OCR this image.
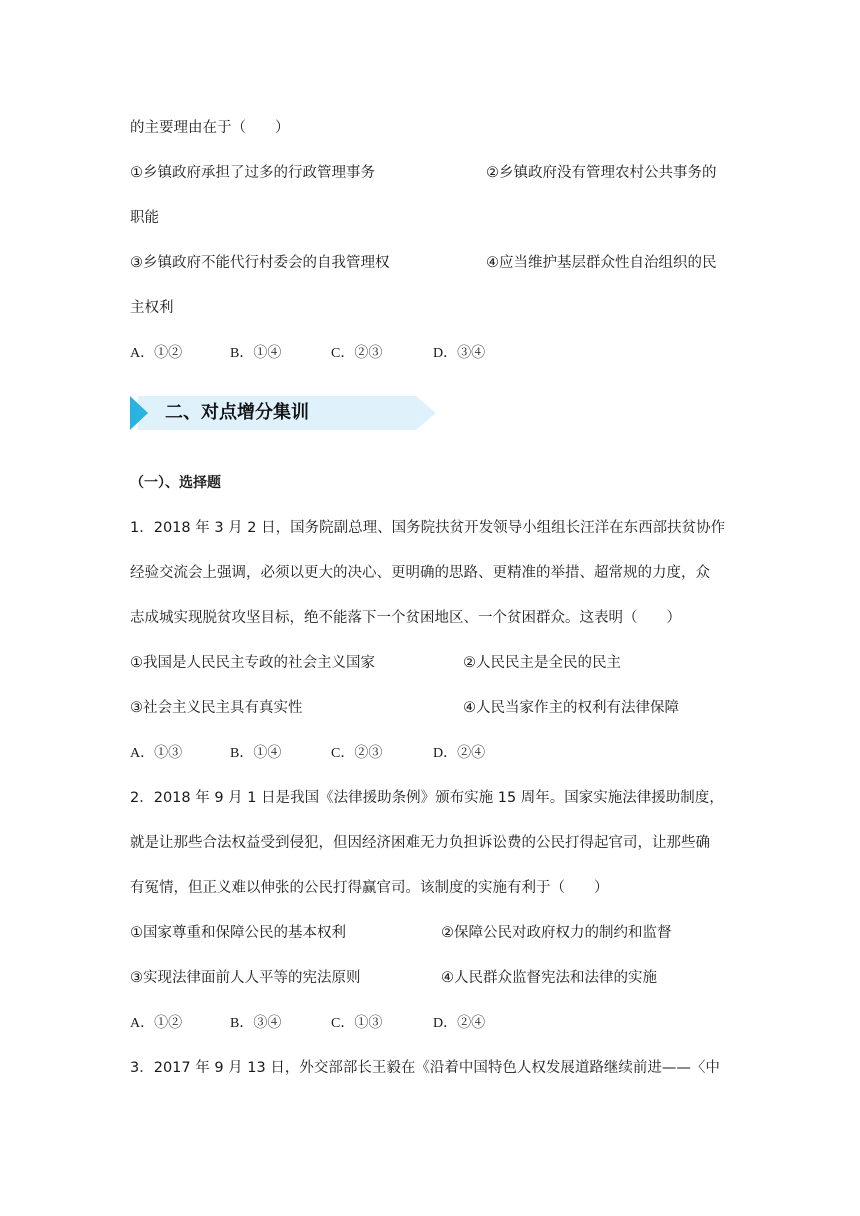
的主要理由在于（　　）
①乡镇政府承担了过多的行政管理事务	②乡镇政府没有管理农村公共事务的
职能
③乡镇政府不能代行村委会的自我管理权	④应当维护基层群众性自治组织的民
主权利
A．①②	B．①④	C．②③	D．③④
二、对点增分集训
（一）、选择题
1．2018 年 3 月 2 日，国务院副总理、国务院扶贫开发领导小组组长汪洋在东西部扶贫协作
经验交流会上强调，必须以更大的决心、更明确的思路、更精准的举措、超常规的力度，众
志成城实现脱贫攻坚目标，绝不能落下一个贫困地区、一个贫困群众。这表明（　　）
①我国是人民民主专政的社会主义国家	②人民民主是全民的民主
③社会主义民主具有真实性	④人民当家作主的权利有法律保障
A．①③	B．①④	C．②③	D．②④
2．2018 年 9 月 1 日是我国《法律援助条例》颁布实施 15 周年。国家实施法律援助制度，
就是让那些合法权益受到侵犯，但因经济困难无力负担诉讼费的公民打得起官司，让那些确
有冤情，但正义难以伸张的公民打得赢官司。该制度的实施有利于（　　）
①国家尊重和保障公民的基本权利	②保障公民对政府权力的制约和监督
③实现法律面前人人平等的宪法原则	④人民群众监督宪法和法律的实施
A．①②	B．③④	C．①③	D．②④
3．2017 年 9 月 13 日，外交部部长王毅在《沿着中国特色人权发展道路继续前进——〈中
